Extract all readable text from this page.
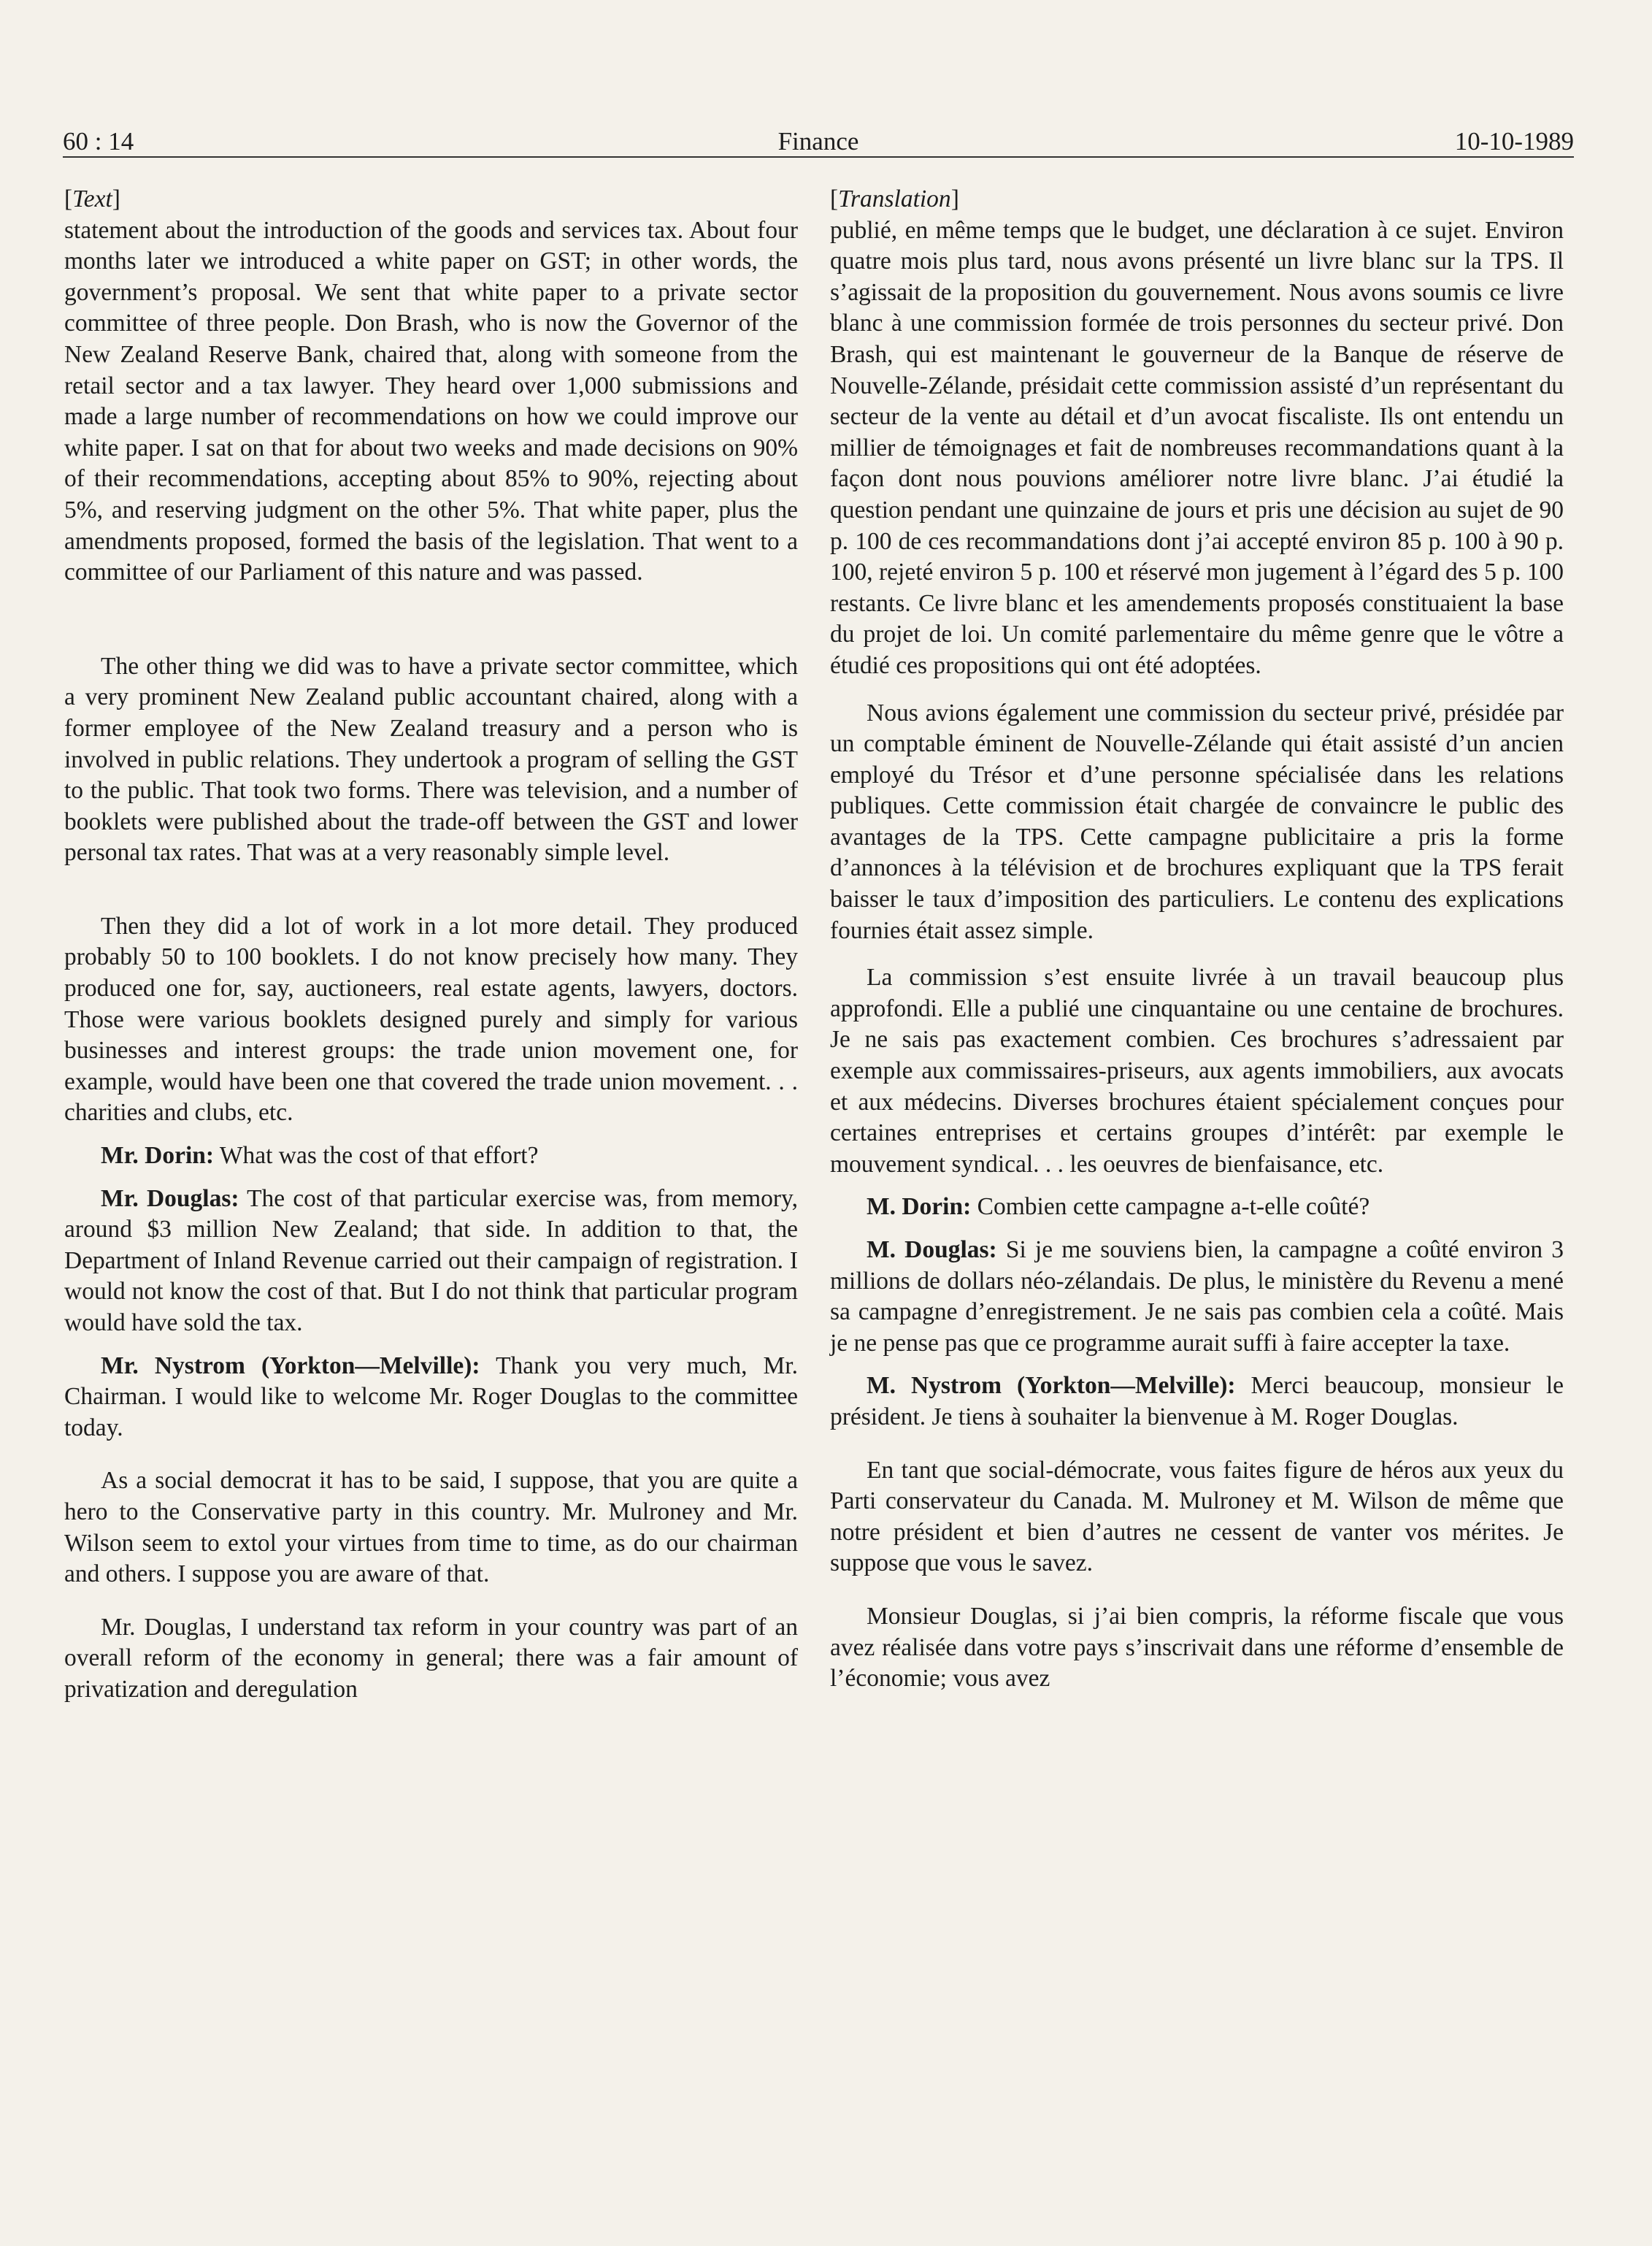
60 : 14	Finance	10-10-1989

[Text]

statement about the introduction of the goods and services tax. About four months later we introduced a white paper on GST; in other words, the government’s proposal. We sent that white paper to a private sector committee of three people. Don Brash, who is now the Governor of the New Zealand Reserve Bank, chaired that, along with someone from the retail sector and a tax lawyer. They heard over 1,000 submissions and made a large number of recommendations on how we could improve our white paper. I sat on that for about two weeks and made decisions on 90% of their recommendations, accepting about 85% to 90%, rejecting about 5%, and reserving judgment on the other 5%. That white paper, plus the amendments proposed, formed the basis of the legislation. That went to a committee of our Parliament of this nature and was passed.

The other thing we did was to have a private sector committee, which a very prominent New Zealand public accountant chaired, along with a former employee of the New Zealand treasury and a person who is involved in public relations. They undertook a program of selling the GST to the public. That took two forms. There was television, and a number of booklets were published about the trade-off between the GST and lower personal tax rates. That was at a very reasonably simple level.

Then they did a lot of work in a lot more detail. They produced probably 50 to 100 booklets. I do not know precisely how many. They produced one for, say, auctioneers, real estate agents, lawyers, doctors. Those were various booklets designed purely and simply for various businesses and interest groups: the trade union movement one, for example, would have been one that covered the trade union movement. . . charities and clubs, etc.

Mr. Dorin: What was the cost of that effort?

Mr. Douglas: The cost of that particular exercise was, from memory, around $3 million New Zealand; that side. In addition to that, the Department of Inland Revenue carried out their campaign of registration. I would not know the cost of that. But I do not think that particular program would have sold the tax.

Mr. Nystrom (Yorkton—Melville): Thank you very much, Mr. Chairman. I would like to welcome Mr. Roger Douglas to the committee today.

As a social democrat it has to be said, I suppose, that you are quite a hero to the Conservative party in this country. Mr. Mulroney and Mr. Wilson seem to extol your virtues from time to time, as do our chairman and others. I suppose you are aware of that.

Mr. Douglas, I understand tax reform in your country was part of an overall reform of the economy in general; there was a fair amount of privatization and deregulation

[Translation]

publié, en même temps que le budget, une déclaration à ce sujet. Environ quatre mois plus tard, nous avons présenté un livre blanc sur la TPS. Il s’agissait de la proposition du gouvernement. Nous avons soumis ce livre blanc à une commission formée de trois personnes du secteur privé. Don Brash, qui est maintenant le gouverneur de la Banque de réserve de Nouvelle-Zélande, présidait cette commission assisté d’un représentant du secteur de la vente au détail et d’un avocat fiscaliste. Ils ont entendu un millier de témoignages et fait de nombreuses recommandations quant à la façon dont nous pouvions améliorer notre livre blanc. J’ai étudié la question pendant une quinzaine de jours et pris une décision au sujet de 90 p. 100 de ces recommandations dont j’ai accepté environ 85 p. 100 à 90 p. 100, rejeté environ 5 p. 100 et réservé mon jugement à l’égard des 5 p. 100 restants. Ce livre blanc et les amendements proposés constituaient la base du projet de loi. Un comité parlementaire du même genre que le vôtre a étudié ces propositions qui ont été adoptées.

Nous avions également une commission du secteur privé, présidée par un comptable éminent de Nouvelle-Zélande qui était assisté d’un ancien employé du Trésor et d’une personne spécialisée dans les relations publiques. Cette commission était chargée de convaincre le public des avantages de la TPS. Cette campagne publicitaire a pris la forme d’annonces à la télévision et de brochures expliquant que la TPS ferait baisser le taux d’imposition des particuliers. Le contenu des explications fournies était assez simple.

La commission s’est ensuite livrée à un travail beaucoup plus approfondi. Elle a publié une cinquantaine ou une centaine de brochures. Je ne sais pas exactement combien. Ces brochures s’adressaient par exemple aux commissaires-priseurs, aux agents immobiliers, aux avocats et aux médecins. Diverses brochures étaient spécialement conçues pour certaines entreprises et certains groupes d’intérêt: par exemple le mouvement syndical. . . les oeuvres de bienfaisance, etc.

M. Dorin: Combien cette campagne a-t-elle coûté?

M. Douglas: Si je me souviens bien, la campagne a coûté environ 3 millions de dollars néo-zélandais. De plus, le ministère du Revenu a mené sa campagne d’enregistrement. Je ne sais pas combien cela a coûté. Mais je ne pense pas que ce programme aurait suffi à faire accepter la taxe.

M. Nystrom (Yorkton—Melville): Merci beaucoup, monsieur le président. Je tiens à souhaiter la bienvenue à M. Roger Douglas.

En tant que social-démocrate, vous faites figure de héros aux yeux du Parti conservateur du Canada. M. Mulroney et M. Wilson de même que notre président et bien d’autres ne cessent de vanter vos mérites. Je suppose que vous le savez.

Monsieur Douglas, si j’ai bien compris, la réforme fiscale que vous avez réalisée dans votre pays s’inscrivait dans une réforme d’ensemble de l’économie; vous avez
